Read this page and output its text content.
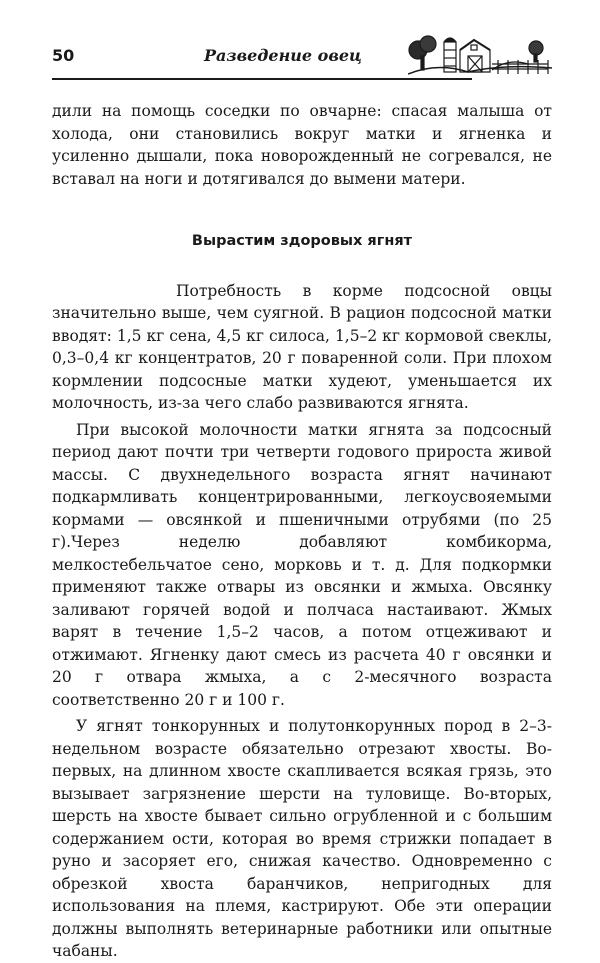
50	Разведение овец

дили на помощь соседки по овчарне: спасая малыша от холода, они становились вокруг матки и ягненка и усиленно дышали, пока новорожденный не согревался, не вставал на ноги и дотягивался до вымени матери.

Вырастим здоровых ягнят

Потребность в корме подсосной овцы значительно выше, чем суягной. В рацион подсосной матки вводят: 1,5 кг сена, 4,5 кг силоса, 1,5–2 кг кормовой свеклы, 0,3–0,4 кг концентратов, 20 г поваренной соли. При плохом кормлении подсосные матки худеют, уменьшается их молочность, из-за чего слабо развиваются ягнята.

При высокой молочности матки ягнята за подсосный период дают почти три четверти годового прироста живой массы. С двухнедельного возраста ягнят начинают подкармливать концентрированными, легкоусвояемыми кормами — овсянкой и пшеничными отрубями (по 25 г).Через неделю добавляют комбикорма, мелкостебельчатое сено, морковь и т. д. Для подкормки применяют также отвары из овсянки и жмыха. Овсянку заливают горячей водой и полчаса настаивают. Жмых варят в течение 1,5–2 часов, а потом отцеживают и отжимают. Ягненку дают смесь из расчета 40 г овсянки и 20 г отвара жмыха, а с 2-месячного возраста соответственно 20 г и 100 г.

У ягнят тонкорунных и полутонкорунных пород в 2–3-недельном возрасте обязательно отрезают хвосты. Во-первых, на длинном хвосте скапливается всякая грязь, это вызывает загрязнение шерсти на туловище. Во-вторых, шерсть на хвосте бывает сильно огрубленной и с большим содержанием ости, которая во время стрижки попадает в руно и засоряет его, снижая качество. Одновременно с обрезкой хвоста баранчиков, непригодных для использования на племя, кастрируют. Обе эти операции должны выполнять ветеринарные работники или опытные чабаны.
